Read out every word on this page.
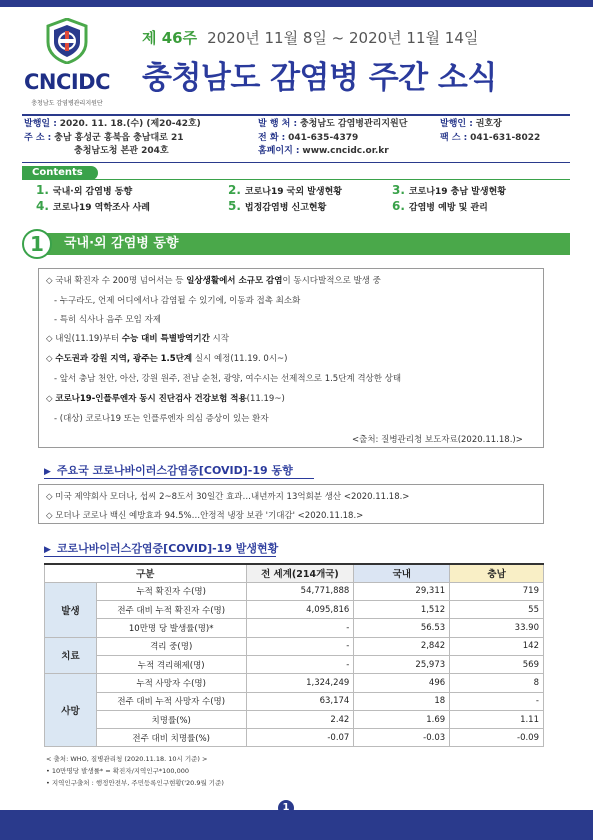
CNCIDC
충청남도 감염병관리지원단
제 46주 2020년 11월 8일 ~ 2020년 11월 14일
충청남도 감염병 주간 소식
발행일 : 2020. 11. 18.(수) (제20-42호)
주 소 : 충남 홍성군 홍북읍 충남대로 21
충청남도청 본관 204호
발 행 처 : 충청남도 감염병관리지원단
전 화 : 041-635-4379
홈페이지 : www.cncidc.or.kr
발행인 : 권호장
팩 스 : 041-631-8022
Contents
1. 국내·외 감염병 동향	2. 코로나19 국외 발생현황	3. 코로나19 충남 발생현황
4. 코로나19 역학조사 사례	5. 법정감염병 신고현황	6. 감염병 예방 및 관리
국내·외 감염병 동향
1
◇ 국내 확진자 수 200명 넘어서는 등 일상생활에서 소규모 감염이 동시다발적으로 발생 중
- 누구라도, 언제 어디에서나 감염될 수 있기에, 이동과 접촉 최소화
- 특히 식사나 음주 모임 자제
◇ 내일(11.19)부터 수능 대비 특별방역기간 시작
◇ 수도권과 강원 지역, 광주는 1.5단계 실시 예정(11.19. 0시~)
- 앞서 충남 천안, 아산, 강원 원주, 전남 순천, 광양, 여수시는 선제적으로 1.5단계 격상한 상태
◇ 코로나19-인플루엔자 동시 진단검사 건강보험 적용(11.19~)
- (대상) 코로나19 또는 인플루엔자 의심 증상이 있는 환자
<출처: 질병관리청 보도자료(2020.11.18.)>
▶ 주요국 코로나바이러스감염증[COVID]-19 동향
◇ 미국 제약회사 모더나, 섭씨 2~8도서 30일간 효과…내년까지 13억회분 생산 <2020.11.18.>
◇ 모더나 코로나 백신 예방효과 94.5%…안정적 냉장 보관 '기대감' <2020.11.18.>
▶ 코로나바이러스감염증[COVID]-19 발생현황
구분		전 세계(214개국)	국내	충남
발생	누적 확진자 수(명)	54,771,888	29,311	719
	전주 대비 누적 확진자 수(명)	4,095,816	1,512	55
	10만명 당 발생률(명)*	-	56.53	33.90
치료	격리 중(명)	-	2,842	142
	누적 격리해제(명)	-	25,973	569
사망	누적 사망자 수(명)	1,324,249	496	8
	전주 대비 누적 사망자 수(명)	63,174	18	-
	치명률(%)	2.42	1.69	1.11
	전주 대비 치명률(%)	-0.07	-0.03	-0.09
< 출처: WHO, 질병관리청 (2020.11.18. 10시 기준) >
• 10만명당 발생률* = 확진자/지역인구*100,000
• 지역인구출처 : 행정안전부, 주민등록인구현황('20.9월 기준)
1
